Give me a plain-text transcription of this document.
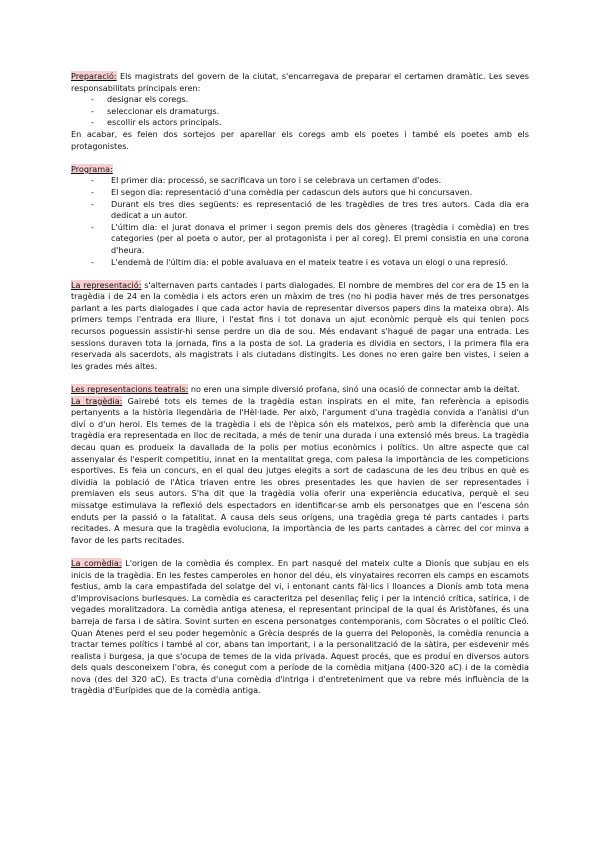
Preparació: Els magistrats del govern de la ciutat, s'encarregava de preparar el certamen dramàtic. Les seves responsabilitats principals eren:

- designar els coregs.
- seleccionar els dramaturgs.
- escollir els actors principals.

En acabar, es feien dos sortejos per aparellar els coregs amb els poetes i també els poetes amb els protagonistes.

Programa:

- El primer dia: processó, se sacrificava un toro i se celebrava un certamen d'odes.
- El segon dia: representació d'una comèdia per cadascun dels autors que hi concursaven.
- Durant els tres dies següents: es representació de les tragèdies de tres tres autors. Cada dia era dedicat a un autor.
- L'últim dia: el jurat donava el primer i segon premis dels dos gèneres (tragèdia i comèdia) en tres categories (per al poeta o autor, per al protagonista i per al coreg). El premi consistia en una corona d'heura.
- L'endemà de l'últim dia: el poble avaluava en el mateix teatre i es votava un elogi o una represió.

La representació: s'alternaven parts cantades i parts dialogades. El nombre de membres del cor era de 15 en la tragèdia i de 24 en la comèdia i els actors eren un màxim de tres (no hi podia haver més de tres personatges parlant a les parts dialogades i que cada actor havia de representar diversos papers dins la mateixa obra). Als primers temps l'entrada era lliure, i l'estat fins i tot donava un ajut econòmic perquè els qui tenien pocs recursos poguessin assistir-hi sense perdre un dia de sou. Més endavant s'hagué de pagar una entrada. Les sessions duraven tota la jornada, fins a la posta de sol. La graderia es dividia en sectors, i la primera fila era reservada als sacerdots, als magistrats i als ciutadans distingits. Les dones no eren gaire ben vistes, i seien a les grades més altes.

Les representacions teatrals: no eren una simple diversió profana, sinó una ocasió de connectar amb la deïtat.

La tragèdia: Gairebé tots els temes de la tragèdia estan inspirats en el mite, fan referència a episodis pertanyents a la història llegendària de l'Hèl·lade. Per això, l'argument d'una tragèdia convida a l'anàlisi d'un diví o d'un heroi. Els temes de la tragèdia i els de l'èpica són els mateixos, però amb la diferència que una tragèdia era representada en lloc de recitada, a més de tenir una durada i una extensió més breus. La tragèdia decau quan es produeix la davallada de la polis per motius econòmics i polítics. Un altre aspecte que cal assenyalar és l'esperit competitiu, innat en la mentalitat grega, com palesa la importància de les competicions esportives. Es feia un concurs, en el qual deu jutges elegits a sort de cadascuna de les deu tribus en què es dividia la població de l'Àtica triaven entre les obres presentades les que havien de ser representades i premiaven els seus autors. S'ha dit que la tragèdia volia oferir una experiència educativa, perquè el seu missatge estimulava la reflexió dels espectadors en identificar-se amb els personatges que en l'escena són enduts per la passió o la fatalitat. A causa dels seus orígens, una tragèdia grega té parts cantades i parts recitades. A mesura que la tragèdia evoluciona, la importància de les parts cantades a càrrec del cor minva a favor de les parts recitades.

La comèdia: L'origen de la comèdia és complex. En part nasqué del mateix culte a Dionís que subjau en els inicis de la tragèdia. En les festes camperoles en honor del déu, els vinyataires recorren els camps en escamots festius, amb la cara empastifada del solatge del vi, i entonant cants fàl·lics i lloances a Dionís amb tota mena d'improvisacions burlesques. La comèdia es caracteritza pel desenllaç feliç i per la intenció crítica, satírica, i de vegades moralitzadora. La comèdia antiga atenesa, el representant principal de la qual és Aristòfanes, és una barreja de farsa i de sàtira. Sovint surten en escena personatges contemporanis, com Sòcrates o el polític Cleó. Quan Atenes perd el seu poder hegemònic a Grècia després de la guerra del Peloponès, la comèdia renuncia a tractar temes polítics i també al cor, abans tan important, i a la personalització de la sàtira, per esdevenir més realista i burgesa, ja que s'ocupa de temes de la vida privada. Aquest procés, que es produí en diversos autors dels quals desconeixem l'obra, és conegut com a període de la comèdia mitjana (400-320 aC) i de la comèdia nova (des del 320 aC). Es tracta d'una comèdia d'intriga i d'entreteniment que va rebre més influència de la tragèdia d'Eurípides que de la comèdia antiga.
